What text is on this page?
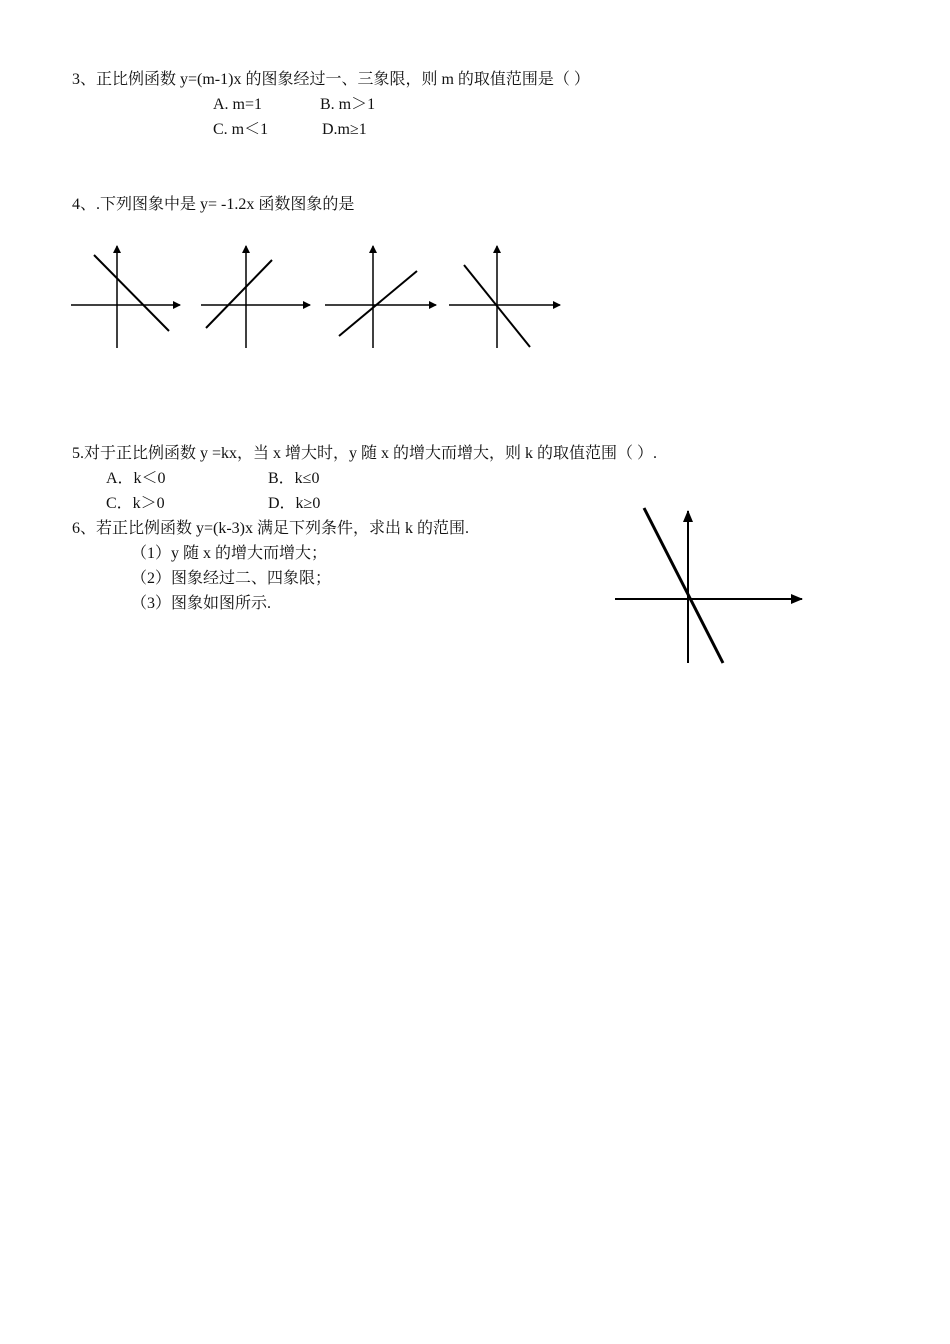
3、正比例函数 y=(m-1)x 的图象经过一、三象限，则 m 的取值范围是（ ）
A. m=1	B. m＞1
C. m＜1	D.m≥1
4、.下列图象中是 y= -1.2x 函数图象的是
5.对于正比例函数 y =kx，当 x 增大时，y 随 x 的增大而增大，则 k 的取值范围（ ）.
A．k＜0	B．k≤0
C．k＞0	D．k≥0
6、若正比例函数 y=(k-3)x 满足下列条件，求出 k 的范围.
（1）y 随 x 的增大而增大；
（2）图象经过二、四象限；
（3）图象如图所示.
